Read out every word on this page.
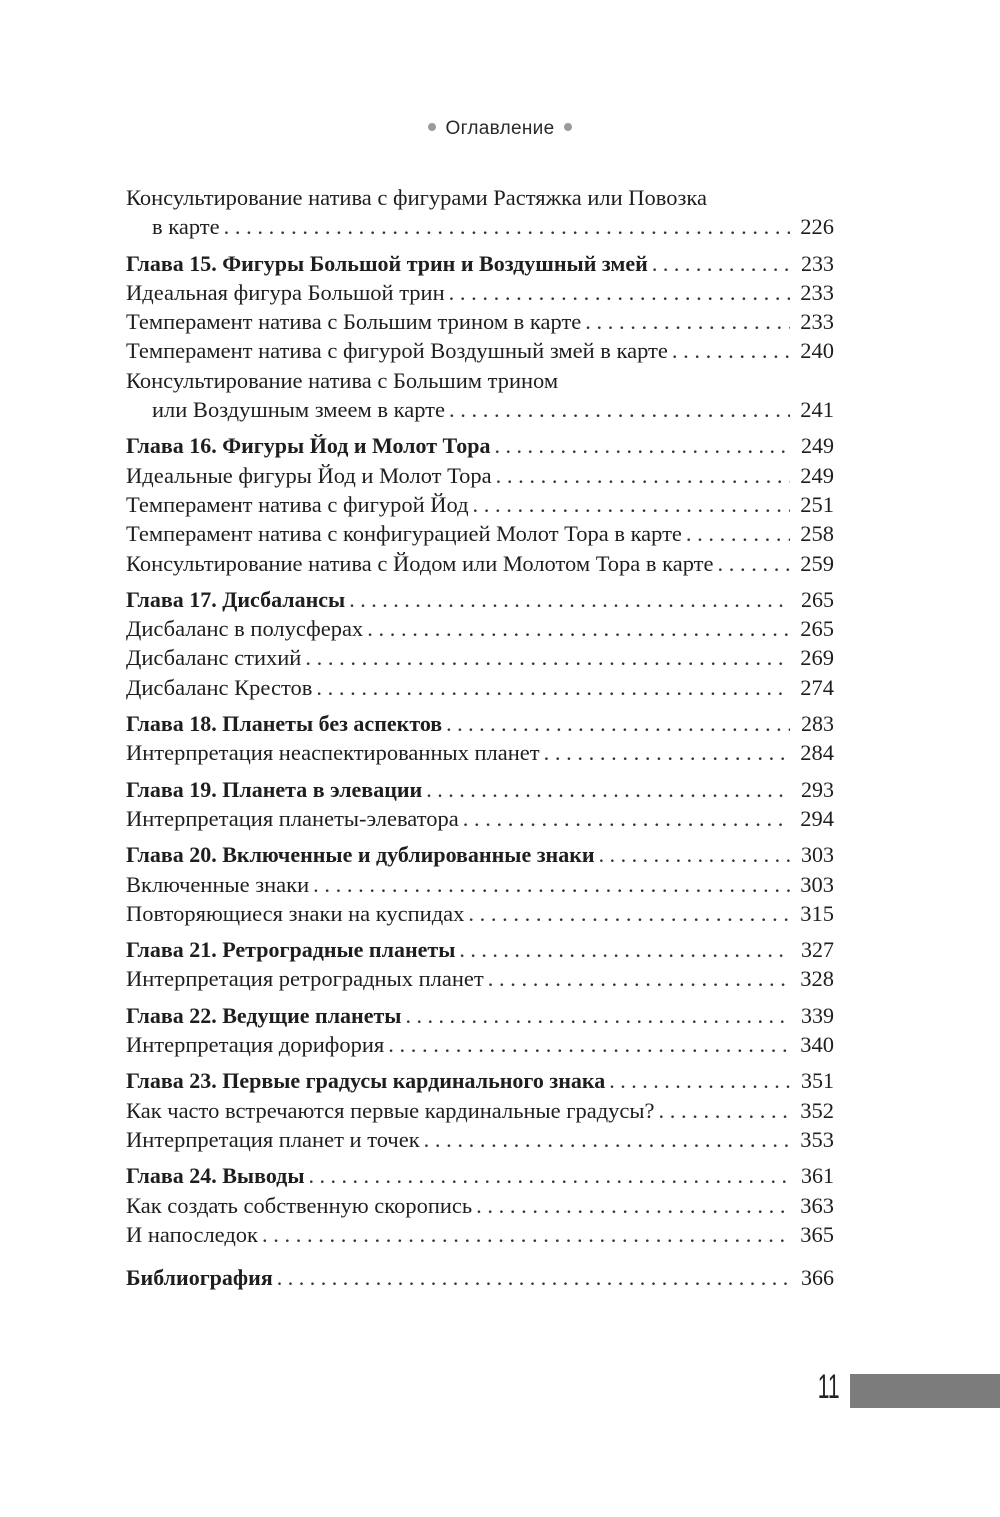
Оглавление
Консультирование натива с фигурами Растяжка или Повозка
в карте . . .	226
Глава 15. Фигуры Большой трин и Воздушный змей . . .	233
Идеальная фигура Большой трин . . .	233
Темперамент натива с Большим трином в карте . . .	233
Темперамент натива с фигурой Воздушный змей в карте . . .	240
Консультирование натива с Большим трином
или Воздушным змеем в карте . . .	241
Глава 16. Фигуры Йод и Молот Тора . . .	249
Идеальные фигуры Йод и Молот Тора . . .	249
Темперамент натива с фигурой Йод . . .	251
Темперамент натива с конфигурацией Молот Тора в карте . . .	258
Консультирование натива с Йодом или Молотом Тора в карте . . .	259
Глава 17. Дисбалансы . . .	265
Дисбаланс в полусферах . . .	265
Дисбаланс стихий . . .	269
Дисбаланс Крестов . . .	274
Глава 18. Планеты без аспектов . . .	283
Интерпретация неаспектированных планет . . .	284
Глава 19. Планета в элевации . . .	293
Интерпретация планеты-элеватора . . .	294
Глава 20. Включенные и дублированные знаки . . .	303
Включенные знаки . . .	303
Повторяющиеся знаки на куспидах . . .	315
Глава 21. Ретроградные планеты . . .	327
Интерпретация ретроградных планет . . .	328
Глава 22. Ведущие планеты . . .	339
Интерпретация дорифория . . .	340
Глава 23. Первые градусы кардинального знака . . .	351
Как часто встречаются первые кардинальные градусы? . . .	352
Интерпретация планет и точек . . .	353
Глава 24. Выводы . . .	361
Как создать собственную скоропись . . .	363
И напоследок . . .	365
Библиография . . .	366
11
